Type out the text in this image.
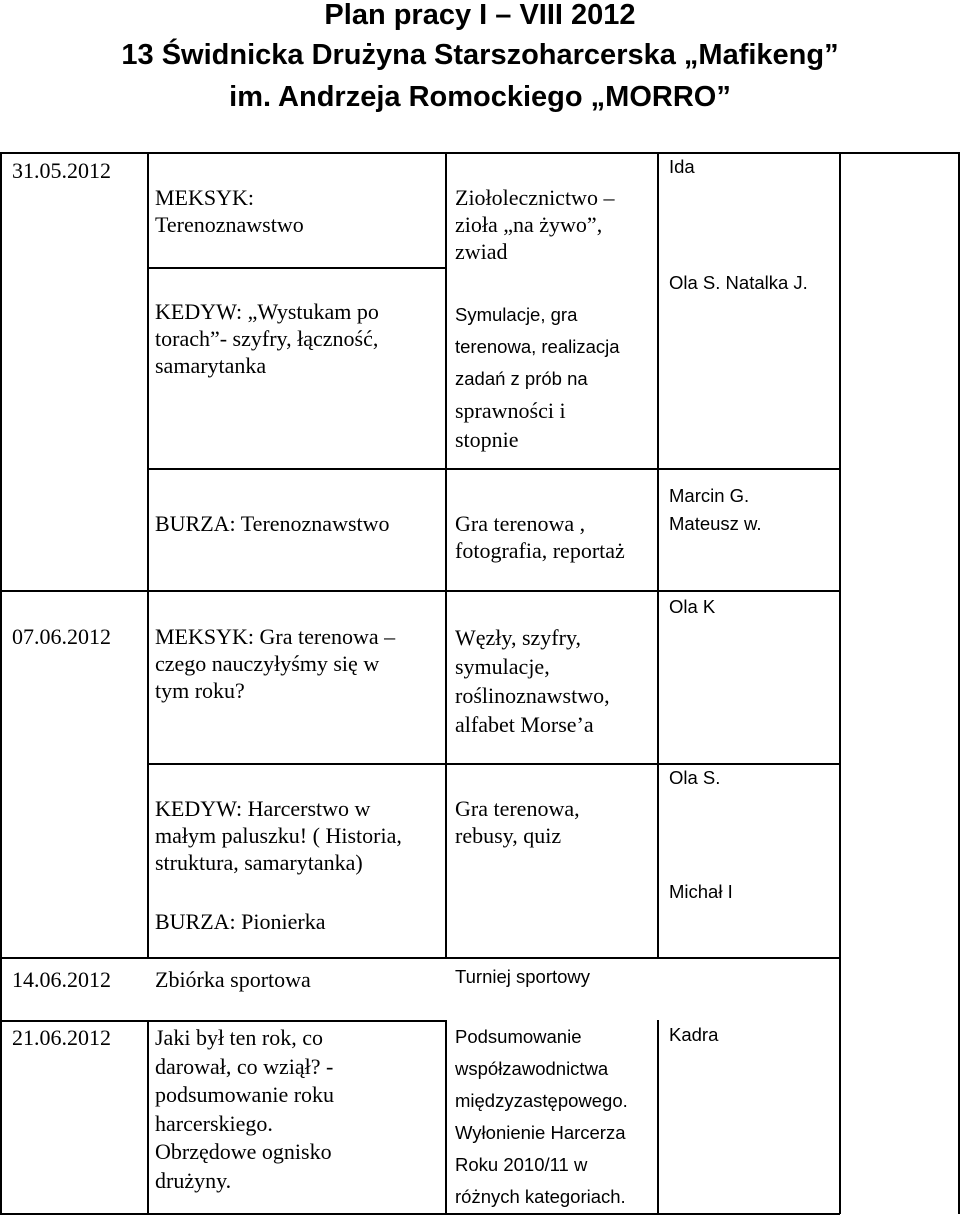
Plan pracy I – VIII 2012
13 Świdnicka Drużyna Starszoharcerska „Mafikeng”
im. Andrzeja Romockiego „MORRO”
31.05.2012
MEKSYK:
Terenoznawstwo
KEDYW: „Wystukam po
torach”- szyfry, łączność,
samarytanka
Ziołolecznictwo –
zioła „na żywo”,
zwiad
Symulacje, gra
terenowa, realizacja
zadań z prób na
sprawności i
stopnie
Ida
Ola S. Natalka J.
BURZA: Terenoznawstwo	Gra terenowa ,
fotografia, reportaż
Marcin G.
Mateusz w.
07.06.2012 MEKSYK: Gra terenowa –
czego nauczyłyśmy się w
tym roku?
Węzły, szyfry,
symulacje,
roślinoznawstwo,
alfabet Morse’a
Ola K
KEDYW: Harcerstwo w
małym paluszku! ( Historia,
struktura, samarytanka)
BURZA: Pionierka
Gra terenowa,
rebusy, quiz
Ola S.
Michał I
14.06.2012 Zbiórka sportowa	Turniej sportowy
21.06.2012 Jaki był ten rok, co
darował, co wziął? -
podsumowanie roku
harcerskiego.
Obrzędowe ognisko
drużyny.
Podsumowanie
współzawodnictwa
międzyzastępowego.
Wyłonienie Harcerza
Roku 2010/11 w
różnych kategoriach.
Kadra
